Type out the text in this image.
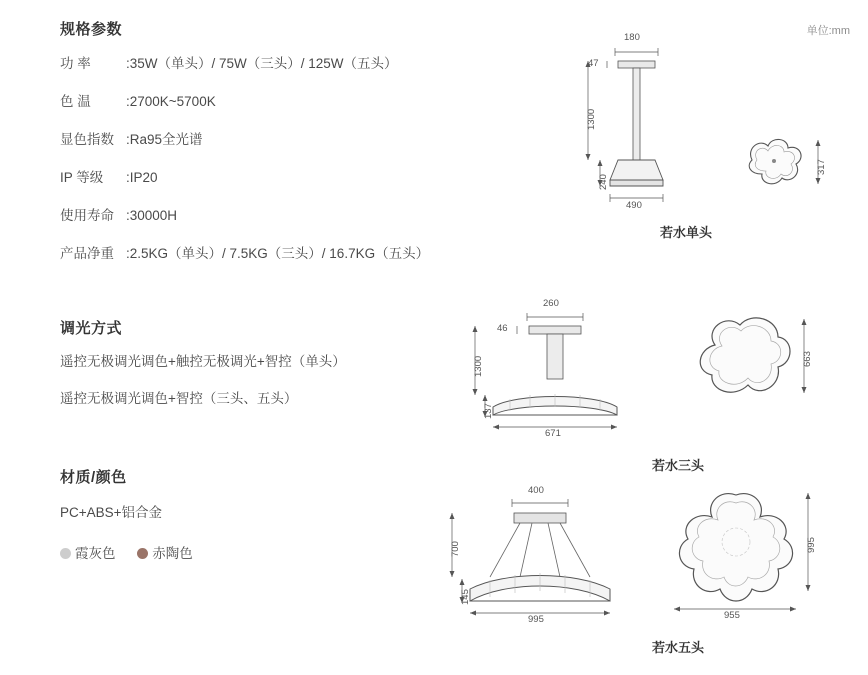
单位:mm
规格参数
功 率	:35W（单头）/ 75W（三头）/ 125W（五头）
色 温	:2700K~5700K
显色指数 :Ra95全光谱
IP 等级 :IP20
使用寿命 :30000H
产品净重 :2.5KG（单头）/ 7.5KG（三头）/ 16.7KG（五头）
调光方式
遥控无极调光调色+触控无极调光+智控（单头）
遥控无极调光调色+智控（三头、五头）
材质/颜色
PC+ABS+铝合金
霞灰色	赤陶色
180
47
1300
240
490
317
若水单头
260
46
1300
137
671
663
若水三头
400
700
145
995
995
955
若水五头
